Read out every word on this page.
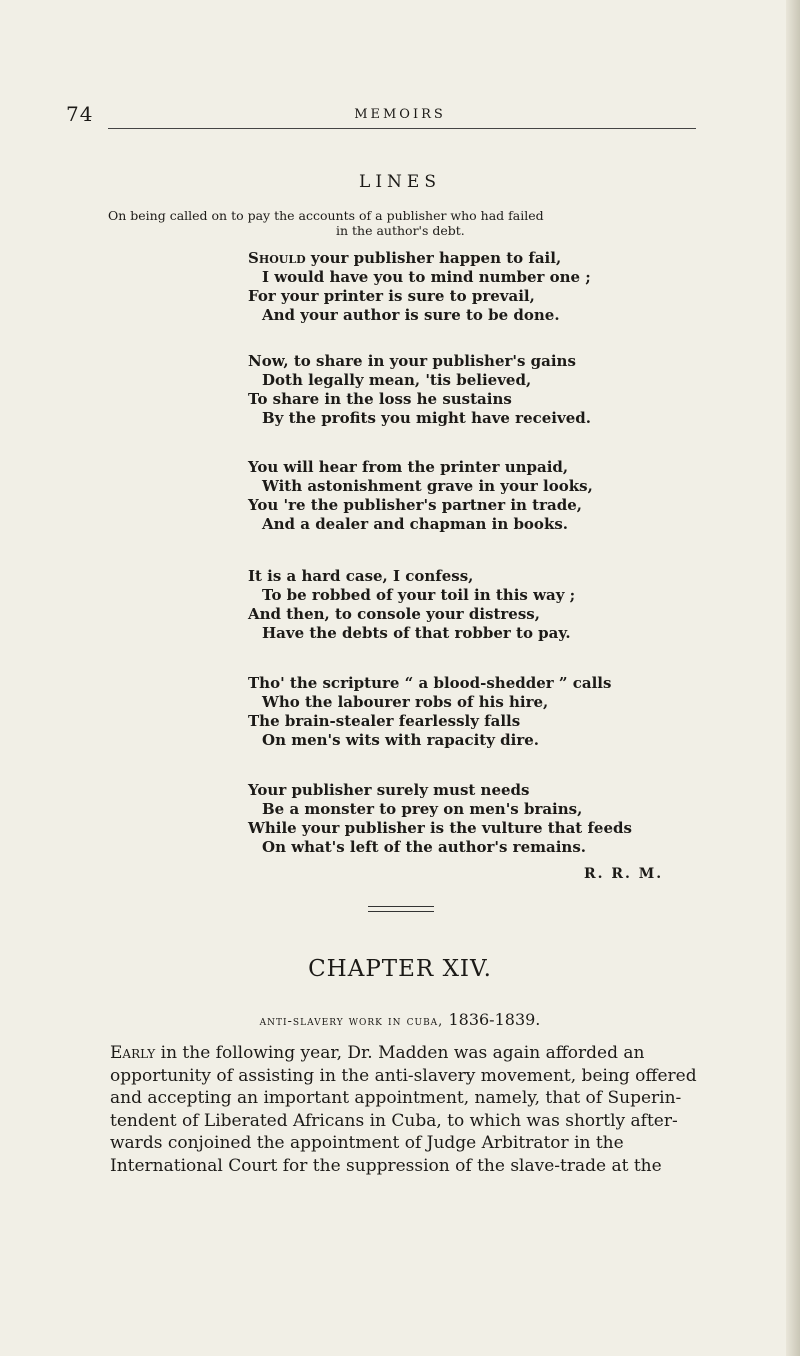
74	MEMOIRS
LINES
On being called on to pay the accounts of a publisher who had failed
in the author's debt.
Should your publisher happen to fail,
I would have you to mind number one ;
For your printer is sure to prevail,
And your author is sure to be done.
Now, to share in your publisher's gains
Doth legally mean, 'tis believed,
To share in the loss he sustains
By the profits you might have received.
You will hear from the printer unpaid,
With astonishment grave in your looks,
You 're the publisher's partner in trade,
And a dealer and chapman in books.
It is a hard case, I confess,
To be robbed of your toil in this way ;
And then, to console your distress,
Have the debts of that robber to pay.
Tho' the scripture “ a blood-shedder ” calls
Who the labourer robs of his hire,
The brain-stealer fearlessly falls
On men's wits with rapacity dire.
Your publisher surely must needs
Be a monster to prey on men's brains,
While your publisher is the vulture that feeds
On what's left of the author's remains.
R. R. M.
CHAPTER XIV.
anti-slavery work in cuba, 1836-1839.
Early in the following year, Dr. Madden was again afforded an
opportunity of assisting in the anti-slavery movement, being offered
and accepting an important appointment, namely, that of Superin-
tendent of Liberated Africans in Cuba, to which was shortly after-
wards conjoined the appointment of Judge Arbitrator in the
International Court for the suppression of the slave-trade at the
